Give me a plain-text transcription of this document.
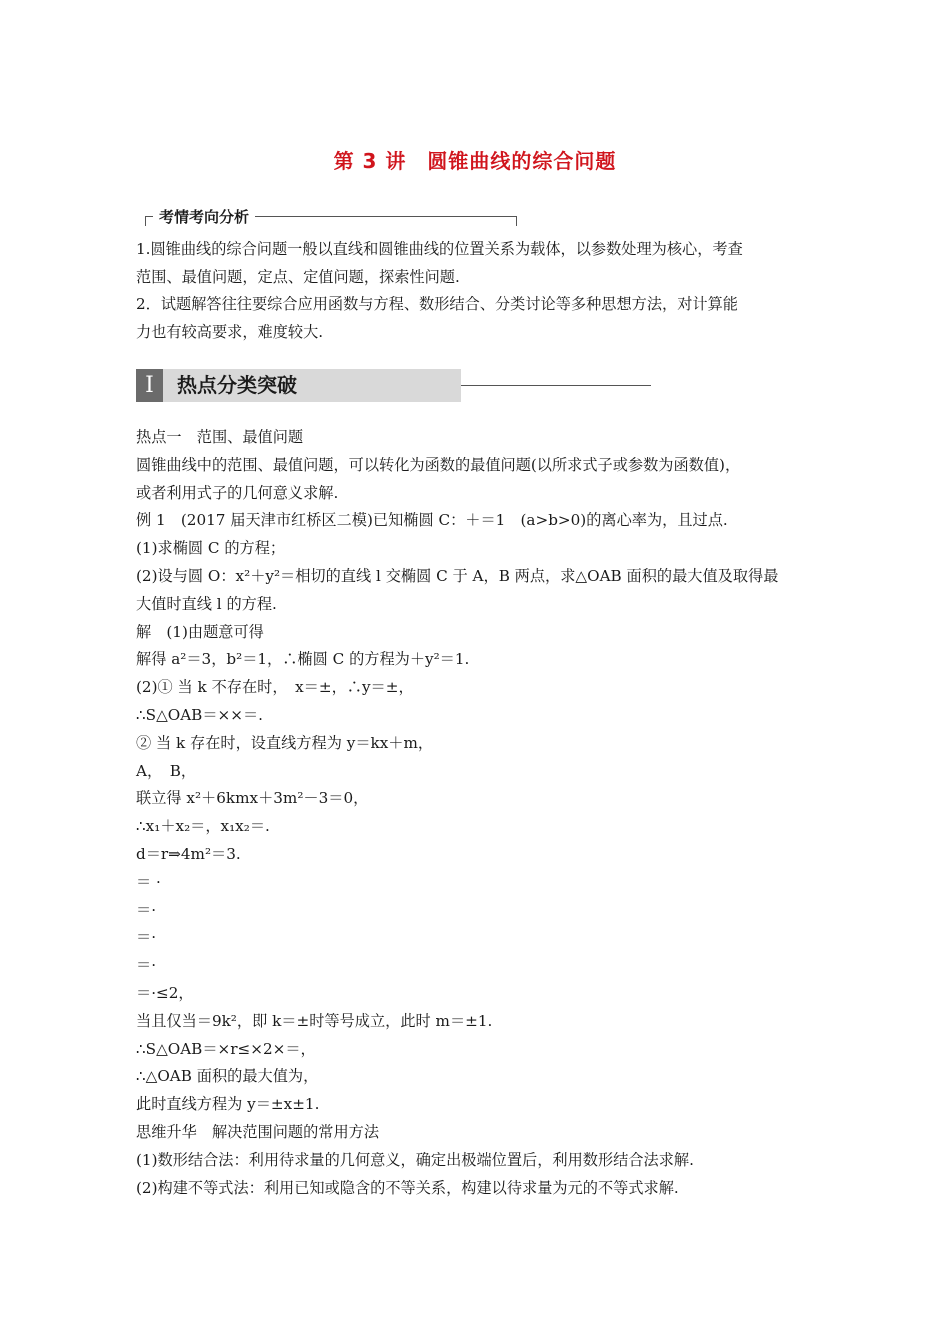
第 3 讲　圆锥曲线的综合问题
考情考向分析
1.圆锥曲线的综合问题一般以直线和圆锥曲线的位置关系为载体，以参数处理为核心，考查
范围、最值问题，定点、定值问题，探索性问题.
2．试题解答往往要综合应用函数与方程、数形结合、分类讨论等多种思想方法，对计算能
力也有较高要求，难度较大.
I	热点分类突破
热点一　范围、最值问题
圆锥曲线中的范围、最值问题，可以转化为函数的最值问题(以所求式子或参数为函数值)，
或者利用式子的几何意义求解.
例 1　(2017 届天津市红桥区二模)已知椭圆 C：＋＝1　(a>b>0)的离心率为，且过点.
(1)求椭圆 C 的方程；
(2)设与圆 O：x²＋y²＝相切的直线 l 交椭圆 C 于 A，B 两点，求△OAB 面积的最大值及取得最
大值时直线 l 的方程.
解　(1)由题意可得
解得 a²＝3，b²＝1，∴椭圆 C 的方程为＋y²＝1.
(2)① 当 k 不存在时，　x＝±，∴y＝±，
∴S△OAB＝××＝.
② 当 k 存在时，设直线方程为 y＝kx＋m，
A，　B，
联立得 x²＋6kmx＋3m²－3＝0，
∴x₁＋x₂＝，x₁x₂＝.
d＝r⇒4m²＝3.
＝ ·
＝·
＝·
＝·
＝·≤2，
当且仅当＝9k²，即 k＝±时等号成立，此时 m＝±1.
∴S△OAB＝×r≤×2×＝，
∴△OAB 面积的最大值为，
此时直线方程为 y＝±x±1.
思维升华　解决范围问题的常用方法
(1)数形结合法：利用待求量的几何意义，确定出极端位置后，利用数形结合法求解.
(2)构建不等式法：利用已知或隐含的不等关系，构建以待求量为元的不等式求解.
